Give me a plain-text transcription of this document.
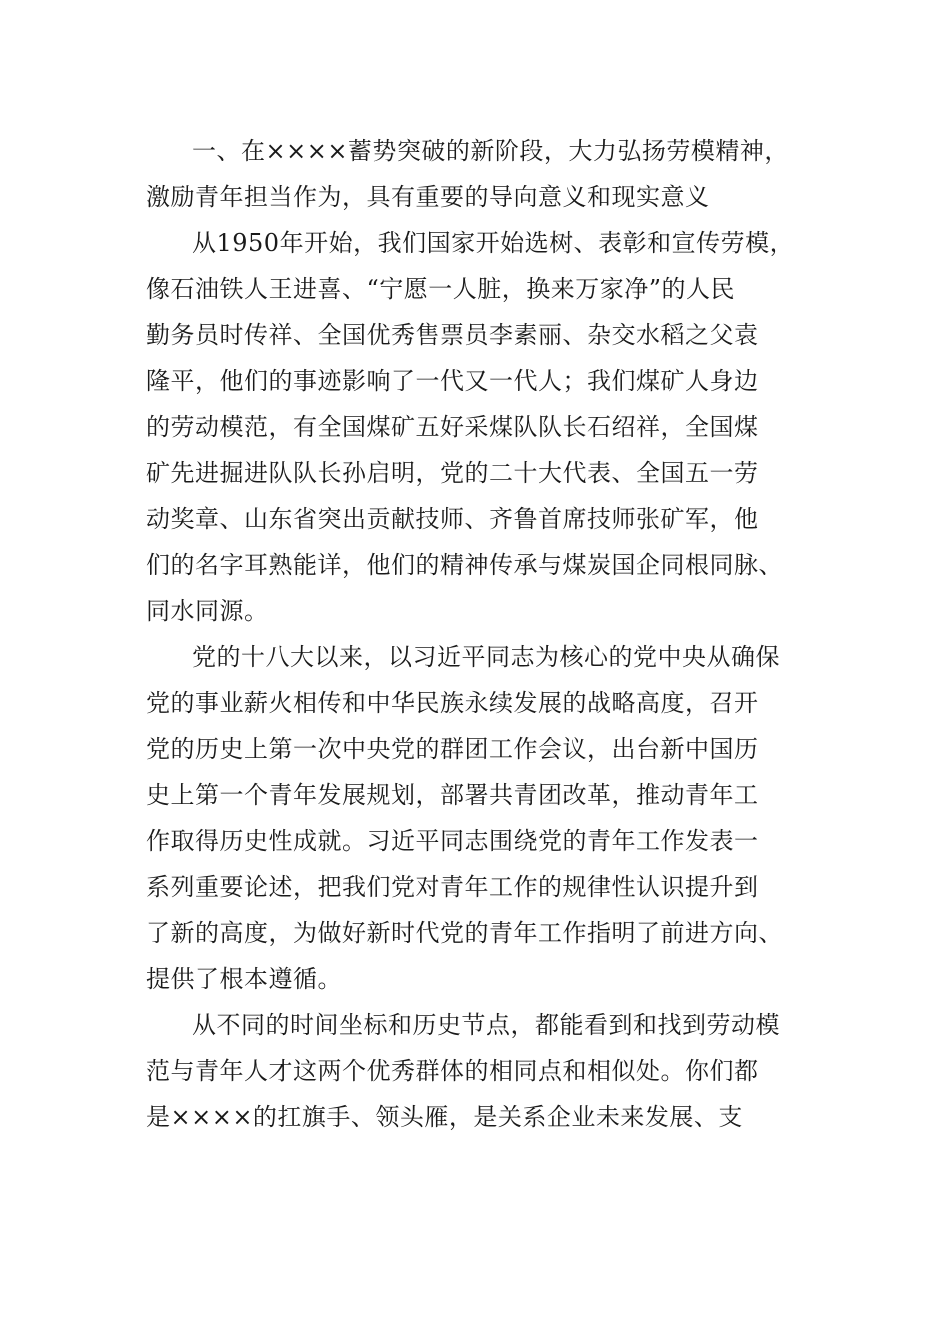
一、在××××蓄势突破的新阶段，大力弘扬劳模精神，
激励青年担当作为，具有重要的导向意义和现实意义
从1950年开始，我们国家开始选树、表彰和宣传劳模，
像石油铁人王进喜、“宁愿一人脏，换来万家净”的人民
勤务员时传祥、全国优秀售票员李素丽、杂交水稻之父袁
隆平，他们的事迹影响了一代又一代人；我们煤矿人身边
的劳动模范，有全国煤矿五好采煤队队长石绍祥，全国煤
矿先进掘进队队长孙启明，党的二十大代表、全国五一劳
动奖章、山东省突出贡献技师、齐鲁首席技师张矿军，他
们的名字耳熟能详，他们的精神传承与煤炭国企同根同脉、
同水同源。
党的十八大以来，以习近平同志为核心的党中央从确保
党的事业薪火相传和中华民族永续发展的战略高度，召开
党的历史上第一次中央党的群团工作会议，出台新中国历
史上第一个青年发展规划，部署共青团改革，推动青年工
作取得历史性成就。习近平同志围绕党的青年工作发表一
系列重要论述，把我们党对青年工作的规律性认识提升到
了新的高度，为做好新时代党的青年工作指明了前进方向、
提供了根本遵循。
从不同的时间坐标和历史节点，都能看到和找到劳动模
范与青年人才这两个优秀群体的相同点和相似处。你们都
是××××的扛旗手、领头雁，是关系企业未来发展、支
